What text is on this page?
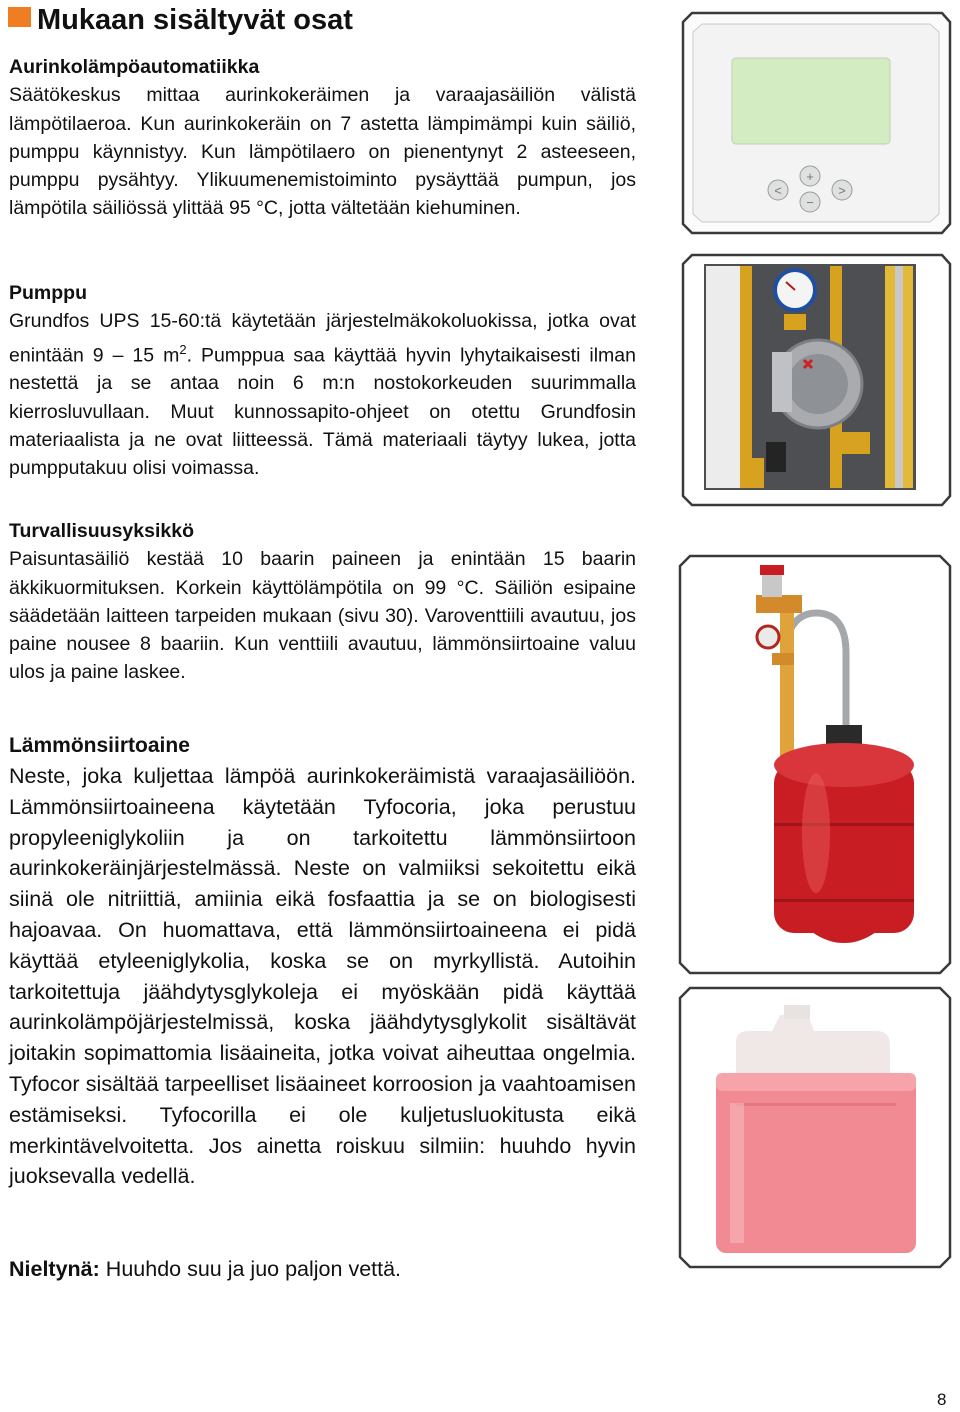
Mukaan sisältyvät osat
Aurinkolämpöautomatiikka

Säätökeskus mittaa aurinkokeräimen ja varaajasäiliön välistä lämpötilaeroa. Kun aurinkokeräin on 7 astetta lämpimämpi kuin säiliö, pumppu käynnistyy. Kun lämpötilaero on pienentynyt 2 asteeseen, pumppu pysähtyy. Ylikuumenemistoiminto pysäyttää pumpun, jos lämpötila säiliössä ylittää 95 °C, jotta vältetään kiehuminen.

Pumppu

Grundfos UPS 15-60:tä käytetään järjestelmäkokoluokissa, jotka ovat enintään 9 – 15 $m^2$. Pumppua saa käyttää hyvin lyhytaikaisesti ilman nestettä ja se antaa noin 6 m:n nostokorkeuden suurimmalla kierrosluvullaan. Muut kunnossapito-ohjeet on otettu Grundfosin materiaalista ja ne ovat liitteessä. Tämä materiaali täytyy lukea, jotta pumpputakuu olisi voimassa.

Turvallisuusyksikkö

Paisuntasäiliö kestää 10 baarin paineen ja enintään 15 baarin äkkikuormituksen. Korkein käyttölämpötila on 99 °C. Säiliön esipaine säädetään laitteen tarpeiden mukaan (sivu 30). Varoventtiili avautuu, jos paine nousee 8 baariin. Kun venttiili avautuu, lämmönsiirtoaine valuu ulos ja paine laskee.

Lämmönsiirtoaine

Neste, joka kuljettaa lämpöä aurinkokeräimistä varaajasäiliöön. Lämmönsiirtoaineena käytetään Tyfocoria, joka perustuu propyleeniglykoliin ja on tarkoitettu lämmönsiirtoon aurinkokeräinjärjestelmässä. Neste on valmiiksi sekoitettu eikä siinä ole nitriittiä, amiinia eikä fosfaattia ja se on biologisesti hajoavaa. On huomattava, että lämmönsiirtoaineena ei pidä käyttää etyleeniglykolia, koska se on myrkyllistä. Autoihin tarkoitettuja jäähdytysglykoleja ei myöskään pidä käyttää aurinkolämpöjärjestelmissä, koska jäähdytysglykolit sisältävät joitakin sopimattomia lisäaineita, jotka voivat aiheuttaa ongelmia. Tyfocor sisältää tarpeelliset lisäaineet korroosion ja vaahtoamisen estämiseksi. Tyfocorilla ei ole kuljetusluokitusta eikä merkintävelvoitetta. Jos ainetta roiskuu silmiin: huuhdo hyvin juoksevalla vedellä.

Nieltynä: Huuhdo suu ja juo paljon vettä.
8
<
+
−
>
